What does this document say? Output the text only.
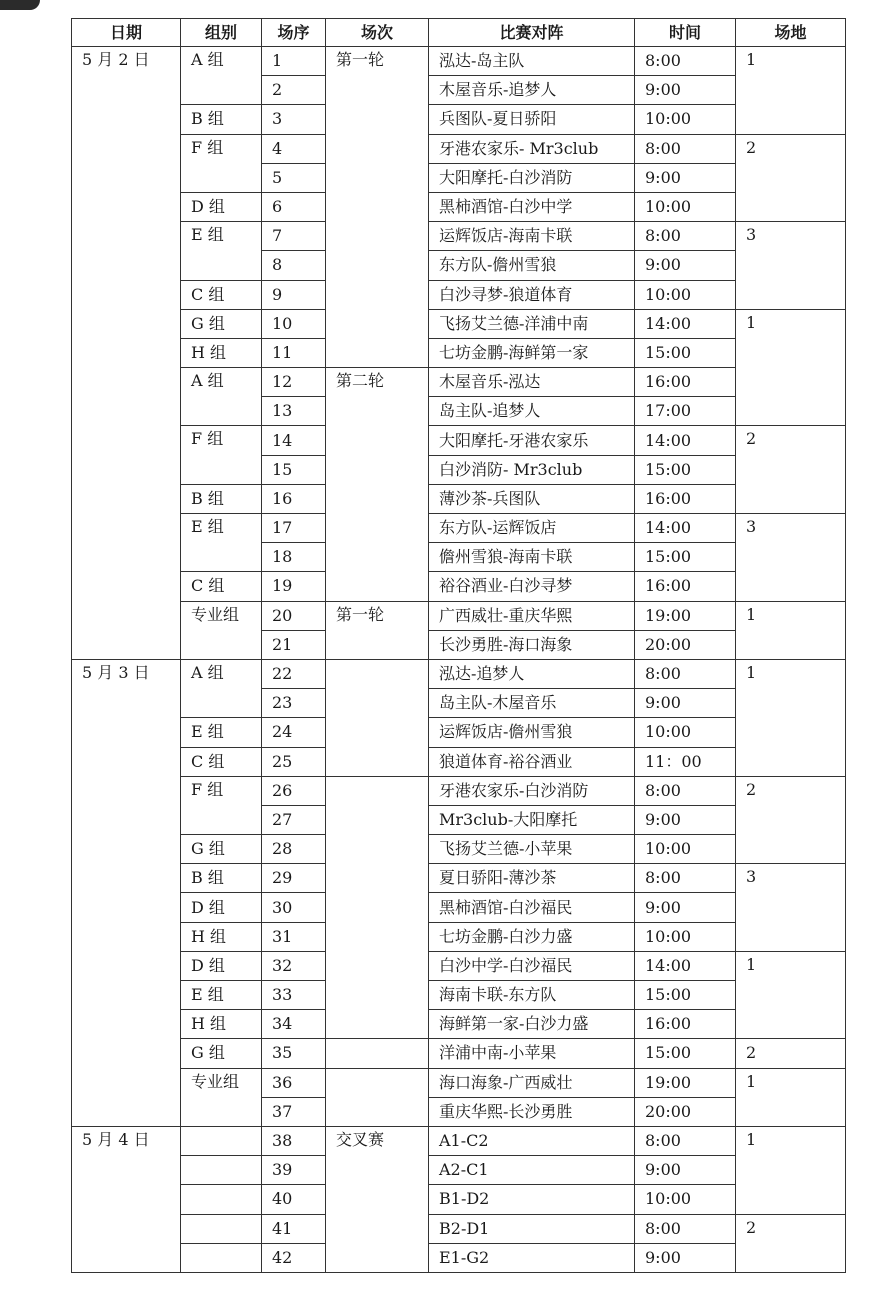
日期	组别	场序	场次	比赛对阵	时间	场地
5 月 2 日	A 组	1	第一轮	泓达-岛主队	8:00	1
		2		木屋音乐-追梦人	9:00	
	B 组	3		兵图队-夏日骄阳	10:00	
	F 组	4		牙港农家乐- Mr3club	8:00	2
		5		大阳摩托-白沙消防	9:00	
	D 组	6		黑柿酒馆-白沙中学	10:00	
	E 组	7		运辉饭店-海南卡联	8:00	3
		8		东方队-儋州雪狼	9:00	
	C 组	9		白沙寻梦-狼道体育	10:00	
	G 组	10		飞扬艾兰德-洋浦中南	14:00	1
	H 组	11		七坊金鹏-海鲜第一家	15:00	
	A 组	12	第二轮	木屋音乐-泓达	16:00	
		13		岛主队-追梦人	17:00	
	F 组	14		大阳摩托-牙港农家乐	14:00	2
		15		白沙消防- Mr3club	15:00	
	B 组	16		薄沙茶-兵图队	16:00	
	E 组	17		东方队-运辉饭店	14:00	3
		18		儋州雪狼-海南卡联	15:00	
	C 组	19		裕谷酒业-白沙寻梦	16:00	
	专业组	20	第一轮	广西威壮-重庆华熙	19:00	1
		21		长沙勇胜-海口海象	20:00	
5 月 3 日	A 组	22		泓达-追梦人	8:00	1
		23		岛主队-木屋音乐	9:00	
	E 组	24		运辉饭店-儋州雪狼	10:00	
	C 组	25		狼道体育-裕谷酒业	11：00	
	F 组	26		牙港农家乐-白沙消防	8:00	2
		27		Mr3club-大阳摩托	9:00	
	G 组	28		飞扬艾兰德-小苹果	10:00	
	B 组	29		夏日骄阳-薄沙茶	8:00	3
	D 组	30		黑柿酒馆-白沙福民	9:00	
	H 组	31		七坊金鹏-白沙力盛	10:00	
	D 组	32		白沙中学-白沙福民	14:00	1
	E 组	33		海南卡联-东方队	15:00	
	H 组	34		海鲜第一家-白沙力盛	16:00	
	G 组	35		洋浦中南-小苹果	15:00	2
	专业组	36		海口海象-广西威壮	19:00	1
		37		重庆华熙-长沙勇胜	20:00	
5 月 4 日		38	交叉赛	A1-C2	8:00	1
		39		A2-C1	9:00	
		40		B1-D2	10:00	
		41		B2-D1	8:00	2
		42		E1-G2	9:00	
